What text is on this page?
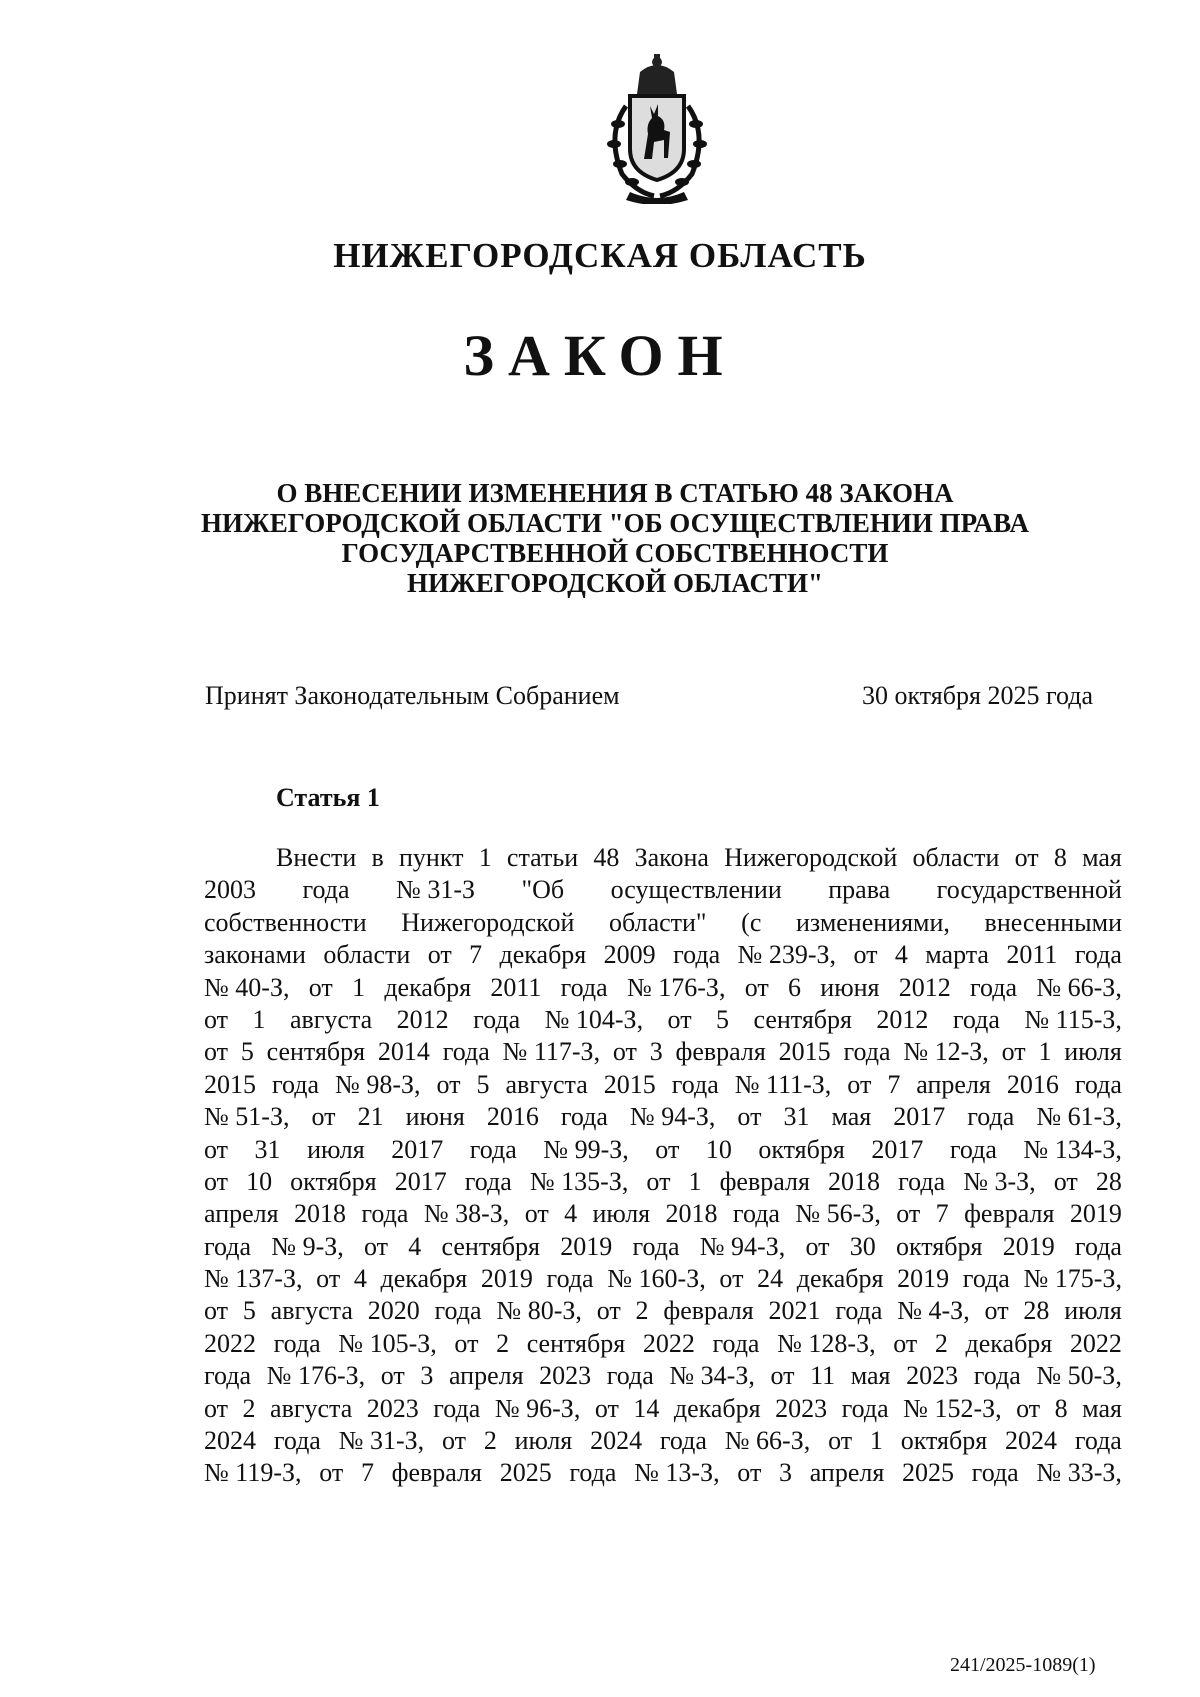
НИЖЕГОРОДСКАЯ ОБЛАСТЬ
ЗАКОН
О ВНЕСЕНИИ ИЗМЕНЕНИЯ В СТАТЬЮ 48 ЗАКОНА
НИЖЕГОРОДСКОЙ ОБЛАСТИ "ОБ ОСУЩЕСТВЛЕНИИ ПРАВА
ГОСУДАРСТВЕННОЙ СОБСТВЕННОСТИ
НИЖЕГОРОДСКОЙ ОБЛАСТИ"
Принят Законодательным Собранием	30 октября 2025 года
Статья 1
Внести в пункт 1 статьи 48 Закона Нижегородской области от 8 мая
2003 года № 31-З "Об осуществлении права государственной
собственности Нижегородской области" (с изменениями, внесенными
законами области от 7 декабря 2009 года № 239-З, от 4 марта 2011 года
№ 40-З, от 1 декабря 2011 года № 176-З, от 6 июня 2012 года № 66-З,
от 1 августа 2012 года № 104-З, от 5 сентября 2012 года № 115-З,
от 5 сентября 2014 года № 117-З, от 3 февраля 2015 года № 12-З, от 1 июля
2015 года № 98-З, от 5 августа 2015 года № 111-З, от 7 апреля 2016 года
№ 51-З, от 21 июня 2016 года № 94-З, от 31 мая 2017 года № 61-З,
от 31 июля 2017 года № 99-З, от 10 октября 2017 года № 134-З,
от 10 октября 2017 года № 135-З, от 1 февраля 2018 года № 3-З, от 28
апреля 2018 года № 38-З, от 4 июля 2018 года № 56-З, от 7 февраля 2019
года № 9-З, от 4 сентября 2019 года № 94-З, от 30 октября 2019 года
№ 137-З, от 4 декабря 2019 года № 160-З, от 24 декабря 2019 года № 175-З,
от 5 августа 2020 года № 80-З, от 2 февраля 2021 года № 4-З, от 28 июля
2022 года № 105-З, от 2 сентября 2022 года № 128-З, от 2 декабря 2022
года № 176-З, от 3 апреля 2023 года № 34-З, от 11 мая 2023 года № 50-З,
от 2 августа 2023 года № 96-З, от 14 декабря 2023 года № 152-З, от 8 мая
2024 года № 31-З, от 2 июля 2024 года № 66-З, от 1 октября 2024 года
№ 119-З, от 7 февраля 2025 года № 13-З, от 3 апреля 2025 года № 33-З,
241/2025-1089(1)
